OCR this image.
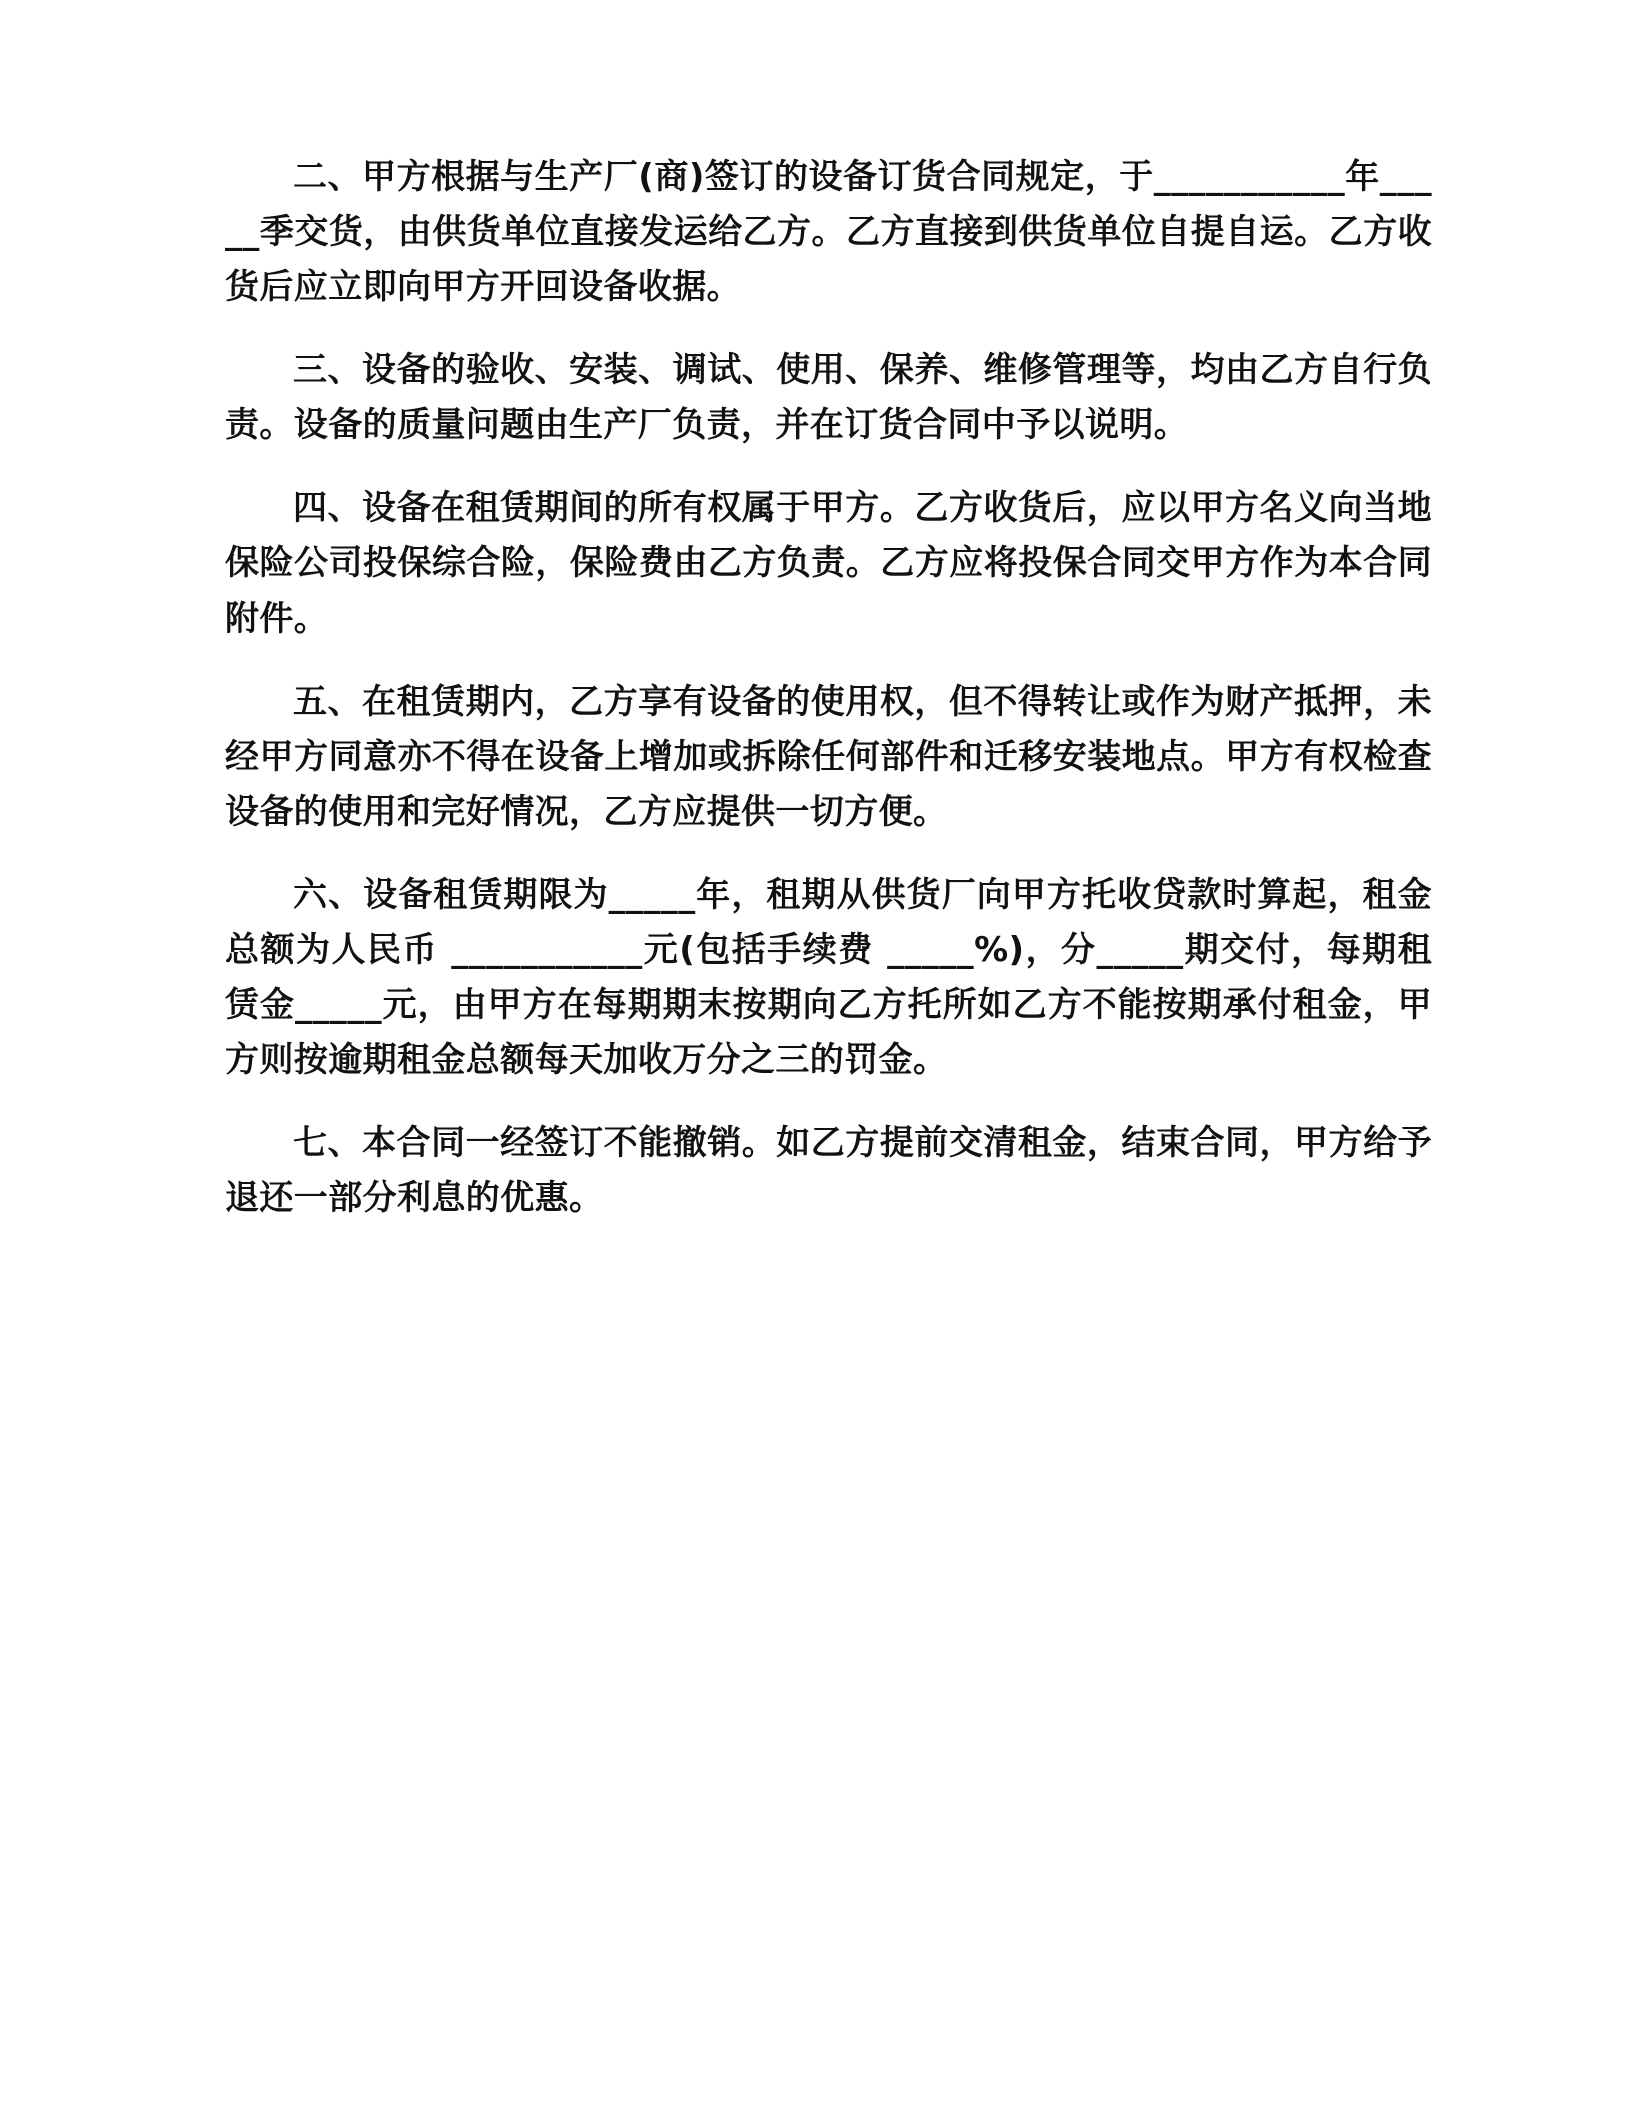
二、甲方根据与生产厂(商)签订的设备订货合同规定，于___________年_____季交货，由供货单位直接发运给乙方。乙方直接到供货单位自提自运。乙方收货后应立即向甲方开回设备收据。

三、设备的验收、安装、调试、使用、保养、维修管理等，均由乙方自行负责。设备的质量问题由生产厂负责，并在订货合同中予以说明。

四、设备在租赁期间的所有权属于甲方。乙方收货后，应以甲方名义向当地保险公司投保综合险，保险费由乙方负责。乙方应将投保合同交甲方作为本合同附件。

五、在租赁期内，乙方享有设备的使用权，但不得转让或作为财产抵押，未经甲方同意亦不得在设备上增加或拆除任何部件和迁移安装地点。甲方有权检查设备的使用和完好情况，乙方应提供一切方便。

六、设备租赁期限为_____年，租期从供货厂向甲方托收贷款时算起，租金总额为人民币 ___________元(包括手续费 _____%)，分_____期交付，每期租赁金_____元，由甲方在每期期末按期向乙方托所如乙方不能按期承付租金，甲方则按逾期租金总额每天加收万分之三的罚金。

七、本合同一经签订不能撤销。如乙方提前交清租金，结束合同，甲方给予退还一部分利息的优惠。
